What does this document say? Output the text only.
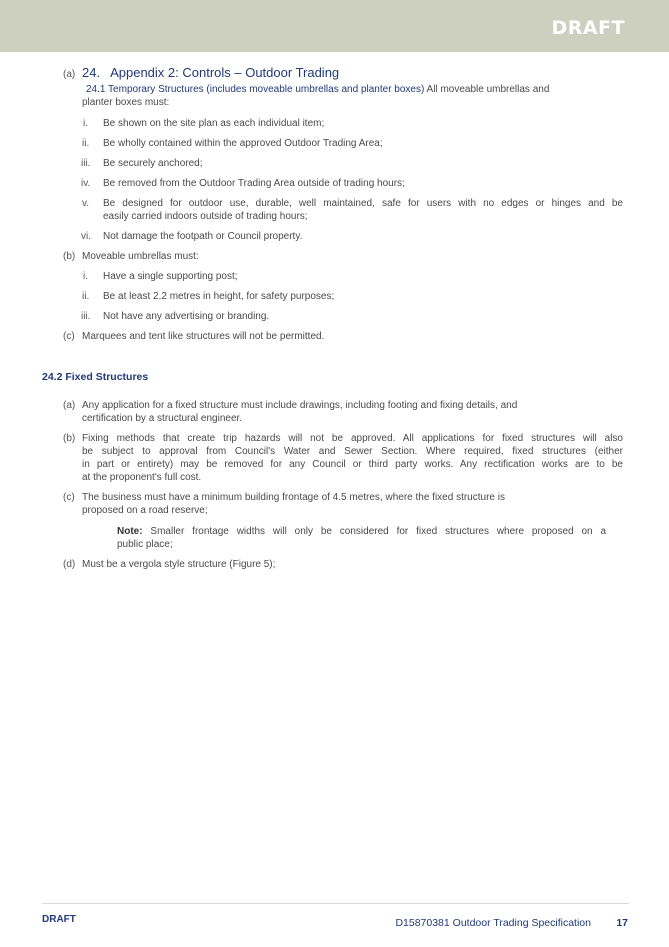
DRAFT
(a) 24. Appendix 2: Controls – Outdoor Trading
24.1 Temporary Structures (includes moveable umbrellas and planter boxes) All moveable umbrellas and
planter boxes must:
i. Be shown on the site plan as each individual item;
ii. Be wholly contained within the approved Outdoor Trading Area;
iii. Be securely anchored;
iv. Be removed from the Outdoor Trading Area outside of trading hours;
v. Be designed for outdoor use, durable, well maintained, safe for users with no edges or hinges and be
easily carried indoors outside of trading hours;
vi. Not damage the footpath or Council property.
(b) Moveable umbrellas must:
i. Have a single supporting post;
ii. Be at least 2.2 metres in height, for safety purposes;
iii. Not have any advertising or branding.
(c) Marquees and tent like structures will not be permitted.
24.2 Fixed Structures
(a) Any application for a fixed structure must include drawings, including footing and fixing details, and
certification by a structural engineer.
(b) Fixing methods that create trip hazards will not be approved. All applications for fixed structures will also
be subject to approval from Council's Water and Sewer Section. Where required, fixed structures (either
in part or entirety) may be removed for any Council or third party works. Any rectification works are to be
at the proponent's full cost.
(c) The business must have a minimum building frontage of 4.5 metres, where the fixed structure is
proposed on a road reserve;
Note: Smaller frontage widths will only be considered for fixed structures where proposed on a
public place;
(d) Must be a vergola style structure (Figure 5);
DRAFT	D15870381 Outdoor Trading Specification 17
